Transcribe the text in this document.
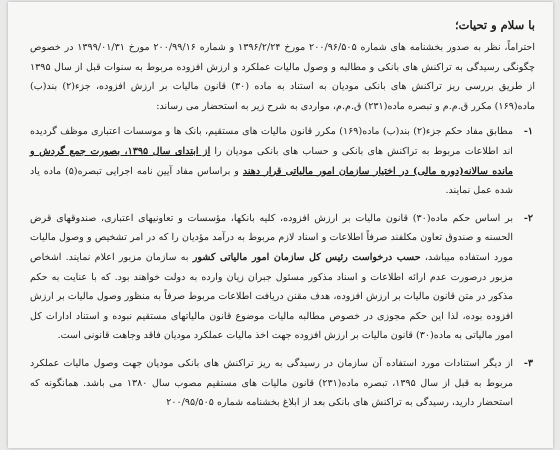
با سلام و تحیات؛

احتراماً، نظر به صدور بخشنامه های شماره ۲۰۰/۹۶/۵۰۵ مورخ ۱۳۹۶/۲/۲۴ و شماره ۲۰۰/۹۹/۱۶ مورخ ۱۳۹۹/۰۱/۳۱ در خصوص چگونگی رسیدگی به تراکنش های بانکی و مطالبه و وصول مالیات عملکرد و ارزش افزوده مربوط به سنوات قبل از سال ۱۳۹۵ از طریق بررسی ریز تراکنش های بانکی مودیان به استناد به ماده (۳۰) قانون مالیات بر ارزش افزوده، جزء(۲) بند(ب) ماده(۱۶۹) مکرر ق.م.م و تبصره ماده(۲۳۱) ق.م.م، مواردی به شرح زیر به استحضار می رساند:

۱-
مطابق مفاد حکم جزء(۲) بند(ب) ماده(۱۶۹) مکرر قانون مالیات های مستقیم، بانک ها و موسسات اعتباری موظف گردیده اند اطلاعات مربوط به تراکنش های بانکی و حساب های بانکی مودیان را از ابتدای سال ۱۳۹۵، بصورت جمع گردش و مانده سالانه(دوره مالی) در اختیار سازمان امور مالیاتی قرار دهند و براساس مفاد آیین نامه اجرایی تبصره(۵) ماده یاد شده عمل نمایند.
۲-
بر اساس حکم ماده(۳۰) قانون مالیات بر ارزش افزوده، کلیه بانکها، مؤسسات و تعاونیهای اعتباری، صندوقهای قرض الحسنه و صندوق تعاون مکلفند صرفاً اطلاعات و اسناد لازم مربوط به درآمد مؤدیان را که در امر تشخیص و وصول مالیات مورد استفاده میباشد، حسب درخواست رئیس کل سازمان امور مالیاتی کشور به سازمان مزبور اعلام نمایند. اشخاص مزبور درصورت عدم ارائه اطلاعات و اسناد مذکور مسئول جبران زیان وارده به دولت خواهند بود. که با عنایت به حکم مذکور در متن قانون مالیات بر ارزش افزوده، هدف مقنن دریافت اطلاعات مربوط صرفاً به منظور وصول مالیات بر ارزش افزوده بوده، لذا این حکم مجوزی در خصوص مطالبه مالیات موضوع قانون مالیاتهای مستقیم نبوده و استناد ادارات کل امور مالیاتی به ماده(۳۰) قانون مالیات بر ارزش افزوده جهت اخذ مالیات عملکرد مودیان فاقد وجاهت قانونی است.
۳-
از دیگر استنادات مورد استفاده آن سازمان در رسیدگی به ریز تراکنش های بانکی مودیان جهت وصول مالیات عملکرد مربوط به قبل از سال ۱۳۹۵، تبصره ماده(۲۳۱) قانون مالیات های مستقیم مصوب سال ۱۳۸۰ می باشد. همانگونه که استحضار دارید، رسیدگی به تراکنش های بانکی بعد از ابلاغ بخشنامه شماره ۲۰۰/۹۵/۵۰۵
